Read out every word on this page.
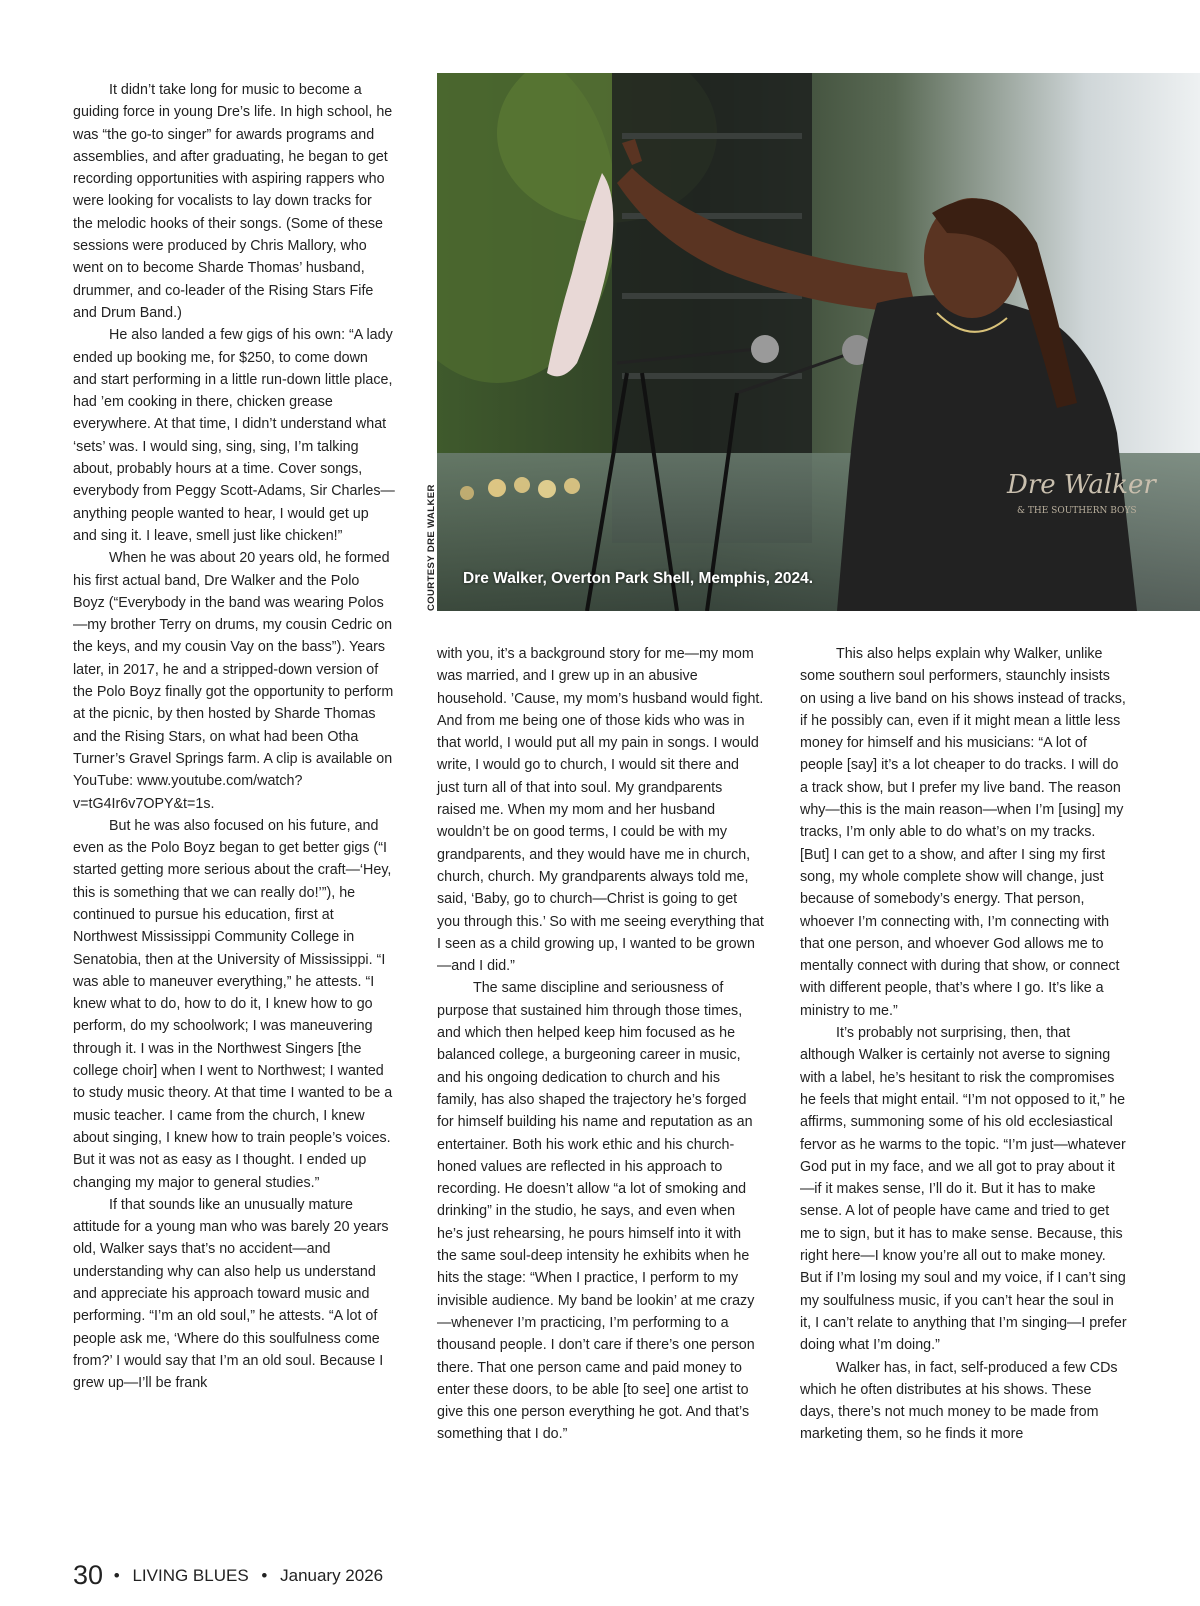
Dre Walker
& THE SOUTHERN BOYS
Dre Walker, Overton Park Shell, Memphis, 2024.
COURTESY DRE WALKER

It didn’t take long for music to become a guiding force in young Dre’s life. In high school, he was “the go-to singer” for awards programs and assemblies, and after graduating, he began to get recording opportunities with aspiring rappers who were looking for vocalists to lay down tracks for the melodic hooks of their songs. (Some of these sessions were produced by Chris Mallory, who went on to become Sharde Thomas’ husband, drummer, and co-leader of the Rising Stars Fife and Drum Band.)

He also landed a few gigs of his own: “A lady ended up booking me, for $250, to come down and start performing in a little run-down little place, had ’em cooking in there, chicken grease everywhere. At that time, I didn’t understand what ‘sets’ was. I would sing, sing, sing, I’m talking about, probably hours at a time. Cover songs, everybody from Peggy Scott-Adams, Sir Charles—anything people wanted to hear, I would get up and sing it. I leave, smell just like chicken!”

When he was about 20 years old, he formed his first actual band, Dre Walker and the Polo Boyz (“Everybody in the band was wearing Polos—my brother Terry on drums, my cousin Cedric on the keys, and my cousin Vay on the bass”). Years later, in 2017, he and a stripped-down version of the Polo Boyz finally got the opportunity to perform at the picnic, by then hosted by Sharde Thomas and the Rising Stars, on what had been Otha Turner’s Gravel Springs farm. A clip is available on YouTube: www.youtube.com/watch?v=tG4Ir6v7OPY&t=1s.

But he was also focused on his future, and even as the Polo Boyz began to get better gigs (“I started getting more serious about the craft—‘Hey, this is something that we can really do!’”), he continued to pursue his education, first at Northwest Mississippi Community College in Senatobia, then at the University of Mississippi. “I was able to maneuver everything,” he attests. “I knew what to do, how to do it, I knew how to go perform, do my schoolwork; I was maneuvering through it. I was in the Northwest Singers [the college choir] when I went to Northwest; I wanted to study music theory. At that time I wanted to be a music teacher. I came from the church, I knew about singing, I knew how to train people’s voices. But it was not as easy as I thought. I ended up changing my major to general studies.”

If that sounds like an unusually mature attitude for a young man who was barely 20 years old, Walker says that’s no accident—and understanding why can also help us understand and appreciate his approach toward music and performing. “I’m an old soul,” he attests. “A lot of people ask me, ‘Where do this soulfulness come from?’ I would say that I’m an old soul. Because I grew up—I’ll be frank

with you, it’s a background story for me—my mom was married, and I grew up in an abusive household. ’Cause, my mom’s husband would fight. And from me being one of those kids who was in that world, I would put all my pain in songs. I would write, I would go to church, I would sit there and just turn all of that into soul. My grandparents raised me. When my mom and her husband wouldn’t be on good terms, I could be with my grandparents, and they would have me in church, church, church. My grandparents always told me, said, ‘Baby, go to church—Christ is going to get you through this.’ So with me seeing everything that I seen as a child growing up, I wanted to be grown—and I did.”

The same discipline and seriousness of purpose that sustained him through those times, and which then helped keep him focused as he balanced college, a burgeoning career in music, and his ongoing dedication to church and his family, has also shaped the trajectory he’s forged for himself building his name and reputation as an entertainer. Both his work ethic and his church-honed values are reflected in his approach to recording. He doesn’t allow “a lot of smoking and drinking” in the studio, he says, and even when he’s just rehearsing, he pours himself into it with the same soul-deep intensity he exhibits when he hits the stage: “When I practice, I perform to my invisible audience. My band be lookin’ at me crazy—whenever I’m practicing, I’m performing to a thousand people. I don’t care if there’s one person there. That one person came and paid money to enter these doors, to be able [to see] one artist to give this one person everything he got. And that’s something that I do.”

This also helps explain why Walker, unlike some southern soul performers, staunchly insists on using a live band on his shows instead of tracks, if he possibly can, even if it might mean a little less money for himself and his musicians: “A lot of people [say] it’s a lot cheaper to do tracks. I will do a track show, but I prefer my live band. The reason why—this is the main reason—when I’m [using] my tracks, I’m only able to do what’s on my tracks. [But] I can get to a show, and after I sing my first song, my whole complete show will change, just because of somebody’s energy. That person, whoever I’m connecting with, I’m connecting with that one person, and whoever God allows me to mentally connect with during that show, or connect with different people, that’s where I go. It’s like a ministry to me.”

It’s probably not surprising, then, that although Walker is certainly not averse to signing with a label, he’s hesitant to risk the compromises he feels that might entail. “I’m not opposed to it,” he affirms, summoning some of his old ecclesiastical fervor as he warms to the topic. “I’m just—whatever God put in my face, and we all got to pray about it—if it makes sense, I’ll do it. But it has to make sense. A lot of people have came and tried to get me to sign, but it has to make sense. Because, this right here—I know you’re all out to make money. But if I’m losing my soul and my voice, if I can’t sing my soulfulness music, if you can’t hear the soul in it, I can’t relate to anything that I’m singing—I prefer doing what I’m doing.”

Walker has, in fact, self-produced a few CDs which he often distributes at his shows. These days, there’s not much money to be made from marketing them, so he finds it more

30 • LIVING BLUES • January 2026
